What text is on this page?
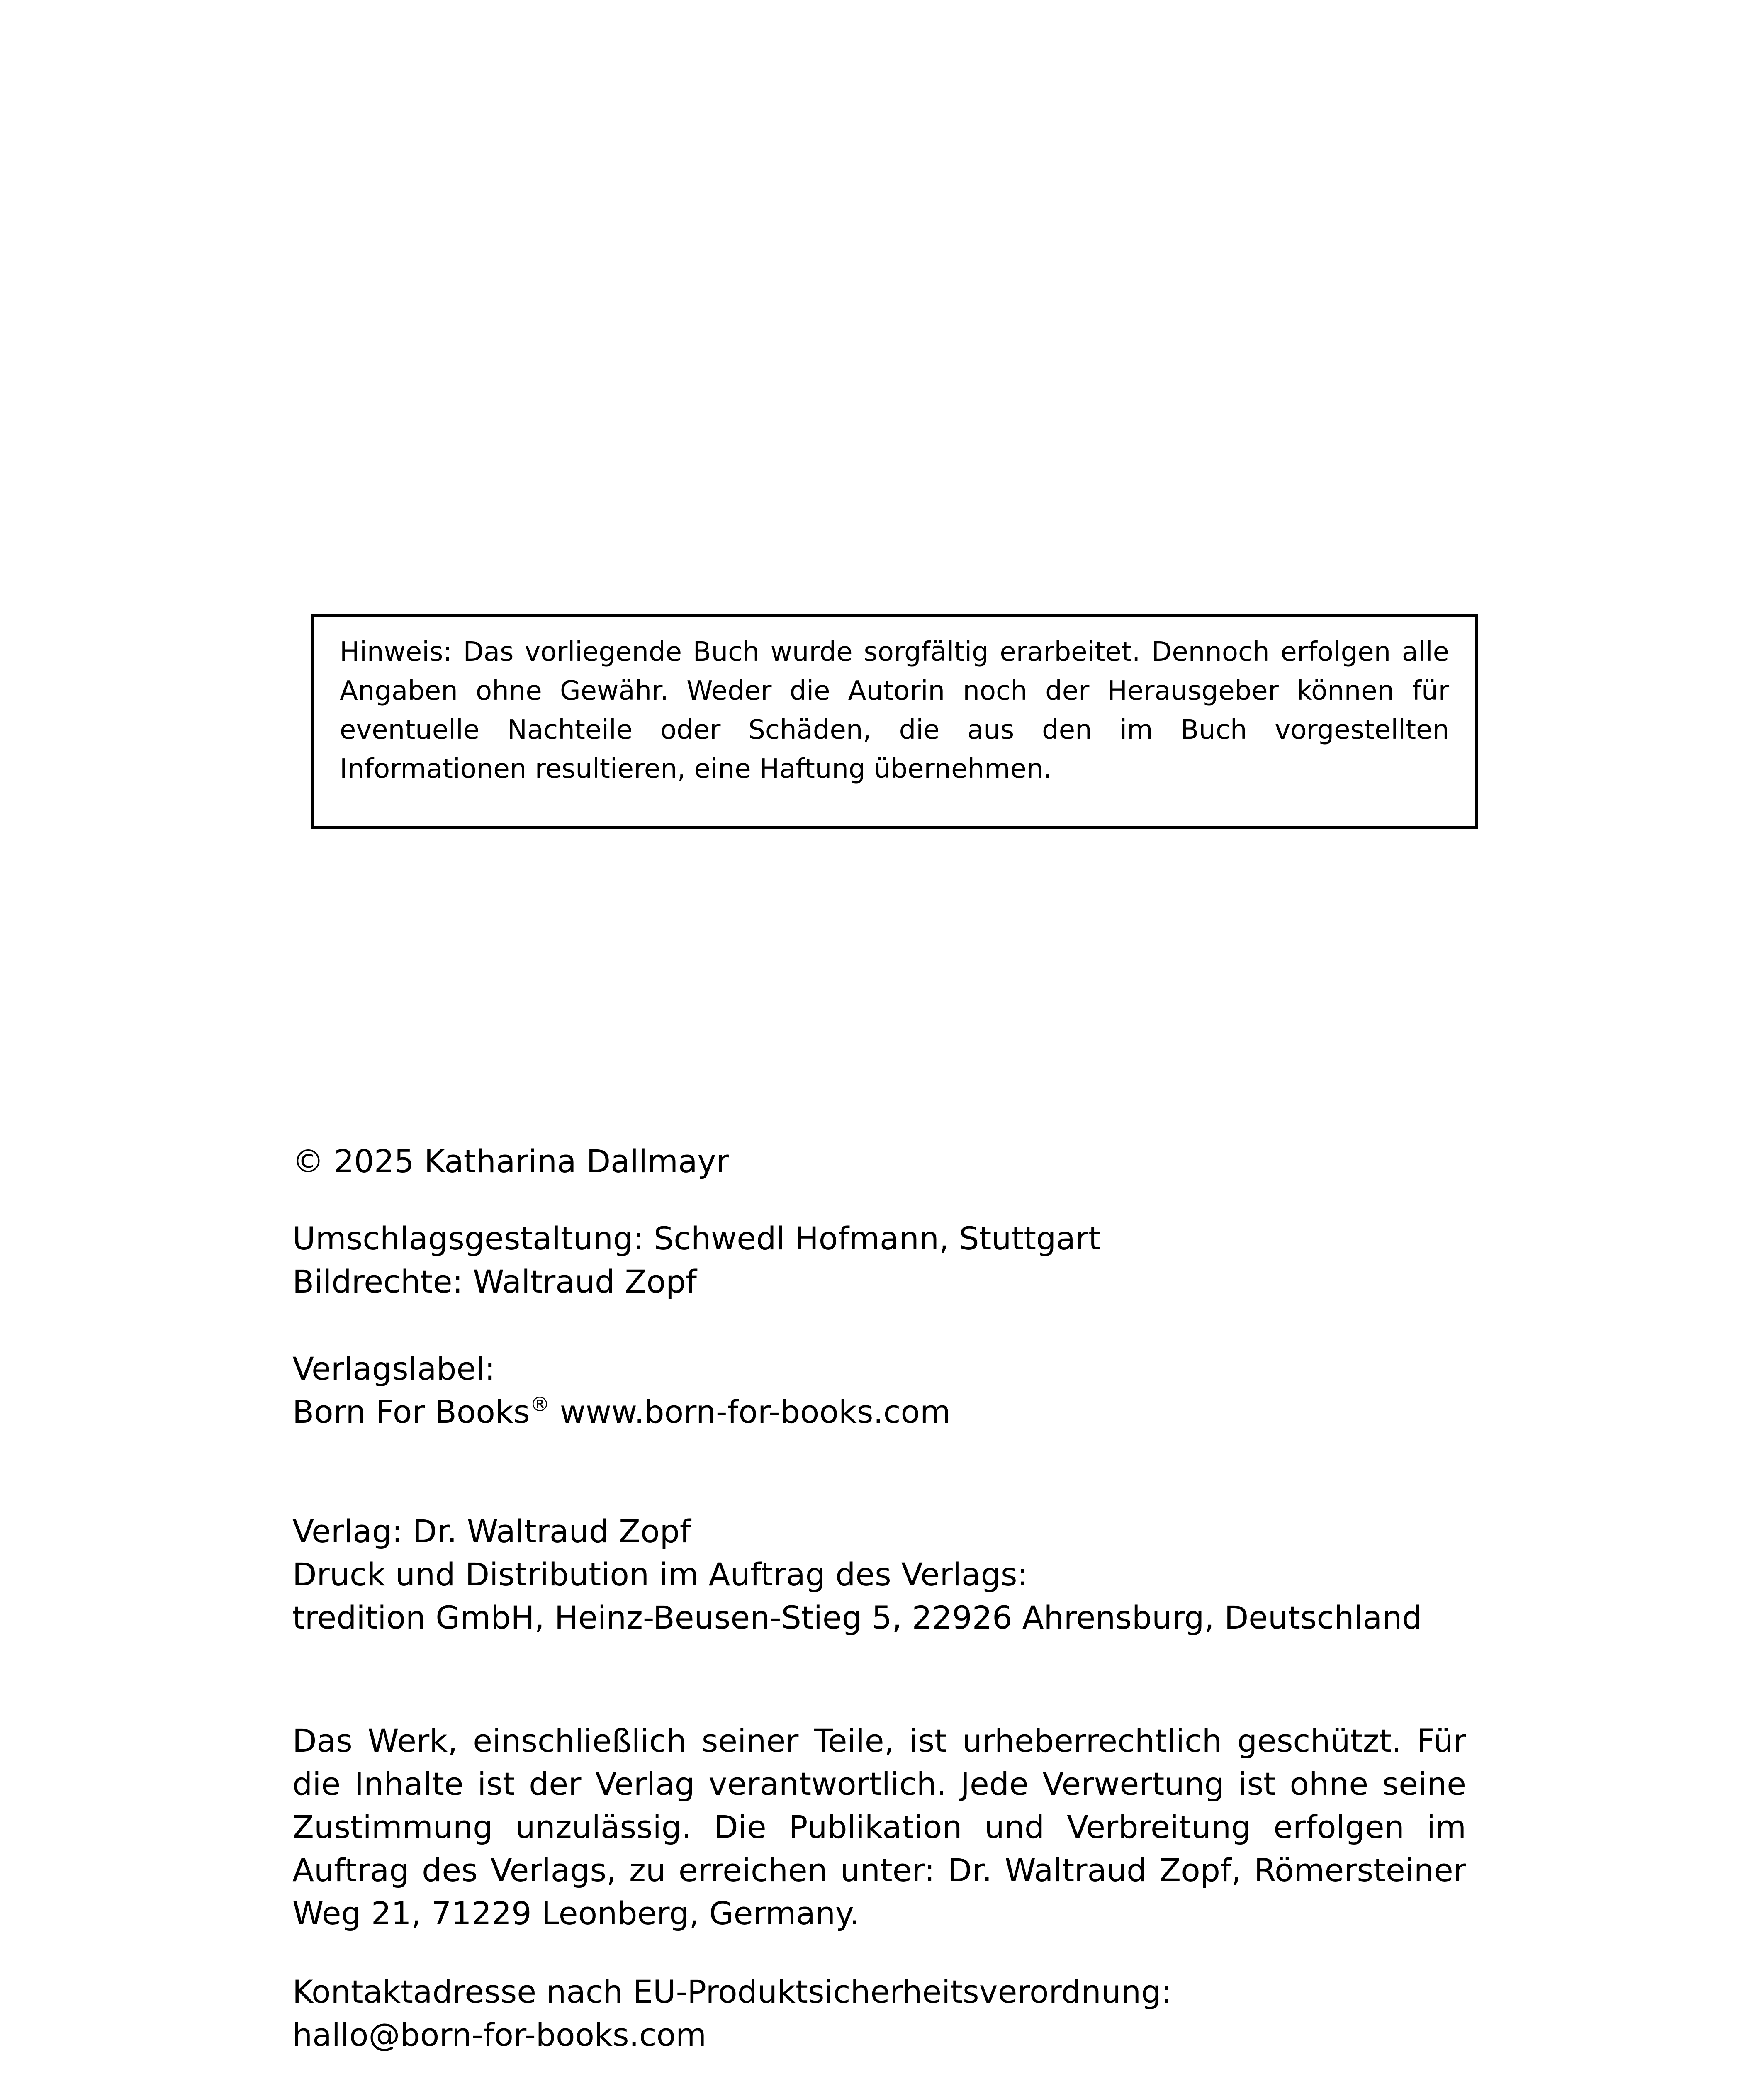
Hinweis: Das vorliegende Buch wurde sorgfältig erarbeitet. Dennoch erfolgen alle Angaben ohne Gewähr. Weder die Autorin noch der Herausgeber können für eventuelle Nachteile oder Schäden, die aus den im Buch vorgestellten Informationen resultieren, eine Haftung übernehmen.

© 2025 Katharina Dallmayr

Umschlagsgestaltung: Schwedl Hofmann, Stuttgart

Bildrechte: Waltraud Zopf

Verlagslabel:

Born For Books® www.born-for-books.com

Verlag: Dr. Waltraud Zopf

Druck und Distribution im Auftrag des Verlags:

tredition GmbH, Heinz-Beusen-Stieg 5, 22926 Ahrensburg, Deutschland

Das Werk, einschließlich seiner Teile, ist urheberrechtlich geschützt. Für die Inhalte ist der Verlag verantwortlich. Jede Verwertung ist ohne seine Zustimmung unzulässig. Die Publikation und Verbreitung erfolgen im Auftrag des Verlags, zu erreichen unter: Dr. Waltraud Zopf, Römersteiner Weg 21, 71229 Leonberg, Germany.

Kontaktadresse nach EU-Produktsicherheitsverordnung:

hallo@born-for-books.com
